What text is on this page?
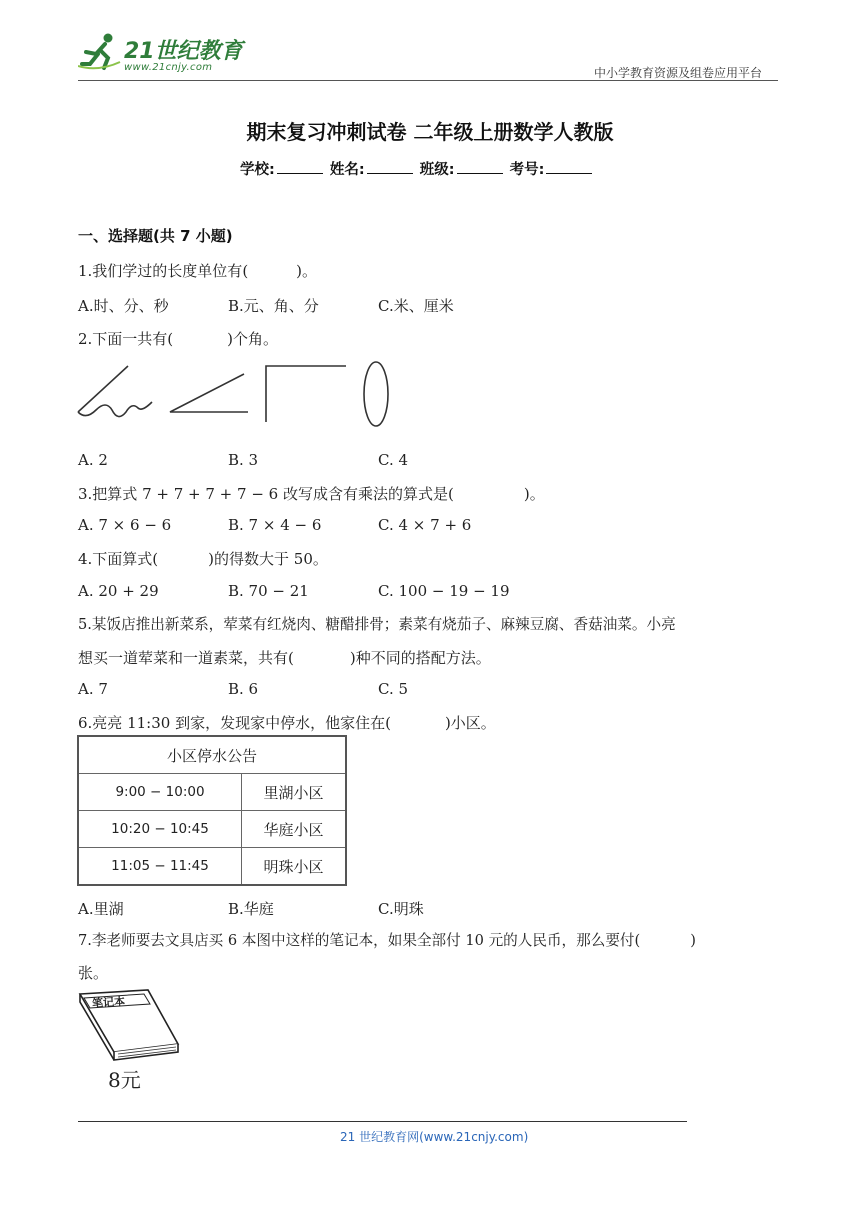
21世纪教育
www.21cnjy.com	中小学教育资源及组卷应用平台
期末复习冲刺试卷 二年级上册数学人教版
学校:	姓名:	班级:	考号:
一、选择题(共 7 小题)
1.我们学过的长度单位有(	)。
A.时、分、秒	B.元、角、分	C.米、厘米
2.下面一共有(	)个角。
A. 2	B. 3	C. 4
3.把算式 7 + 7 + 7 + 7 − 6 改写成含有乘法的算式是(	)。
A. 7 × 6 − 6	B. 7 × 4 − 6	C. 4 × 7 + 6
4.下面算式(	)的得数大于 50。
A. 20 + 29	B. 70 − 21	C. 100 − 19 − 19
5.某饭店推出新菜系，荤菜有红烧肉、糖醋排骨；素菜有烧茄子、麻辣豆腐、香菇油菜。小亮
想买一道荤菜和一道素菜，共有(	)种不同的搭配方法。
A. 7	B. 6	C. 5
6.亮亮 11:30 到家，发现家中停水，他家住在(	)小区。
小区停水公告	
9:00 − 10:00	里湖小区
10:20 − 10:45	华庭小区
11:05 − 11:45	明珠小区
A.里湖	B.华庭	C.明珠
7.李老师要去文具店买 6 本图中这样的笔记本，如果全部付 10 元的人民币，那么要付(	)
张。
笔记本
8元
21 世纪教育网(www.21cnjy.com)
